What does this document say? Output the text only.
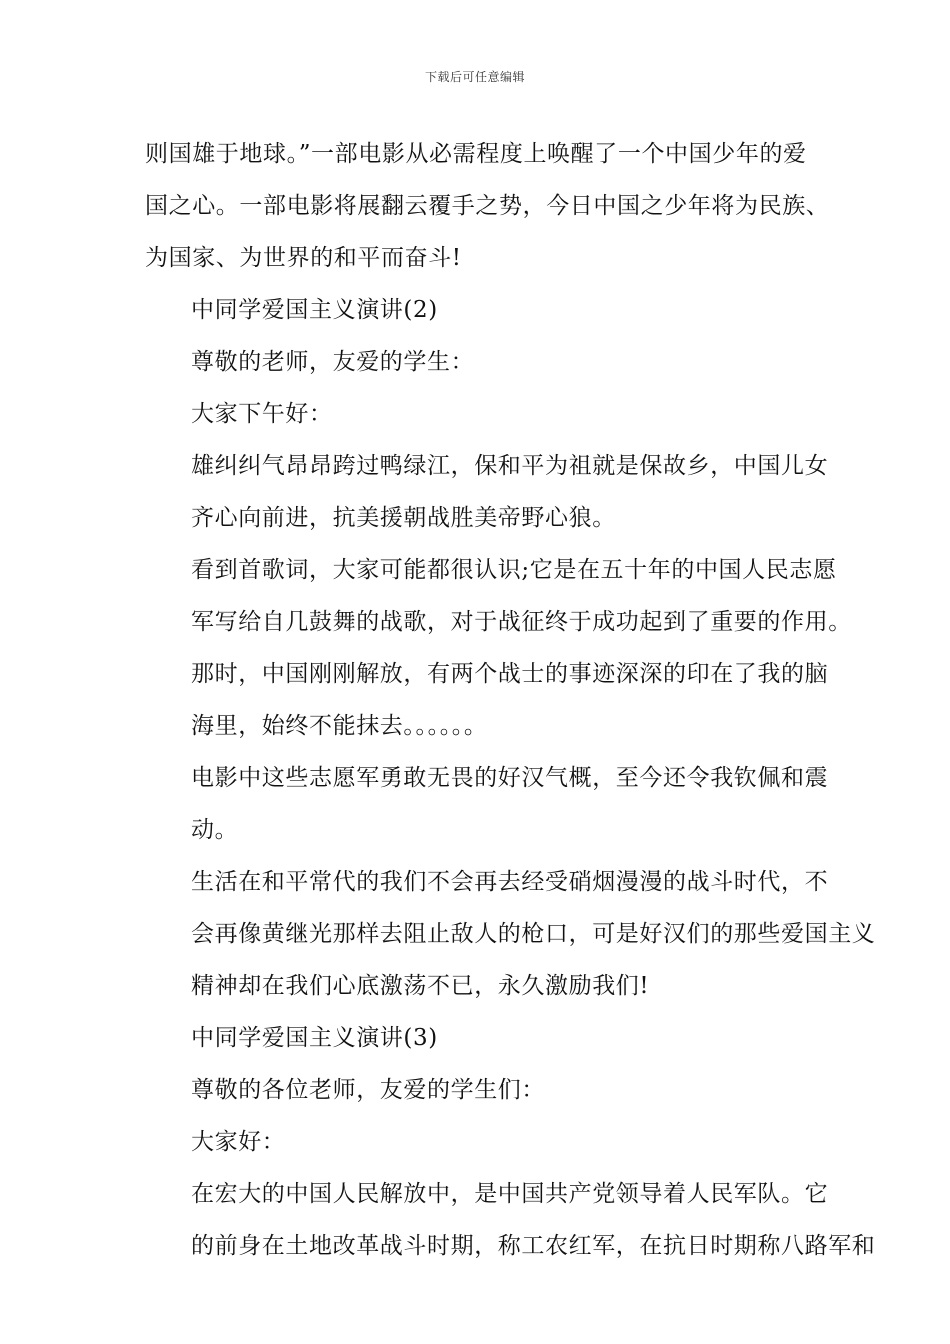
下载后可任意编辑

则国雄于地球。”一部电影从必需程度上唤醒了一个中国少年的爱
国之心。一部电影将展翻云覆手之势，今日中国之少年将为民族、
为国家、为世界的和平而奋斗!

中同学爱国主义演讲(2)

尊敬的老师，友爱的学生：

大家下午好：

雄纠纠气昂昂跨过鸭绿江，保和平为祖就是保故乡，中国儿女
齐心向前进，抗美援朝战胜美帝野心狼。

看到首歌词，大家可能都很认识;它是在五十年的中国人民志愿
军写给自几鼓舞的战歌，对于战征终于成功起到了重要的作用。

那时，中国刚刚解放，有两个战士的事迹深深的印在了我的脑
海里，始终不能抹去。。。。。。

电影中这些志愿军勇敢无畏的好汉气概，至今还令我钦佩和震
动。

生活在和平常代的我们不会再去经受硝烟漫漫的战斗时代，不
会再像黄继光那样去阻止敌人的枪口，可是好汉们的那些爱国主义
精神却在我们心底激荡不已，永久激励我们!

中同学爱国主义演讲(3)

尊敬的各位老师，友爱的学生们：

大家好：

在宏大的中国人民解放中，是中国共产党领导着人民军队。它
的前身在土地改革战斗时期，称工农红军，在抗日时期称八路军和
